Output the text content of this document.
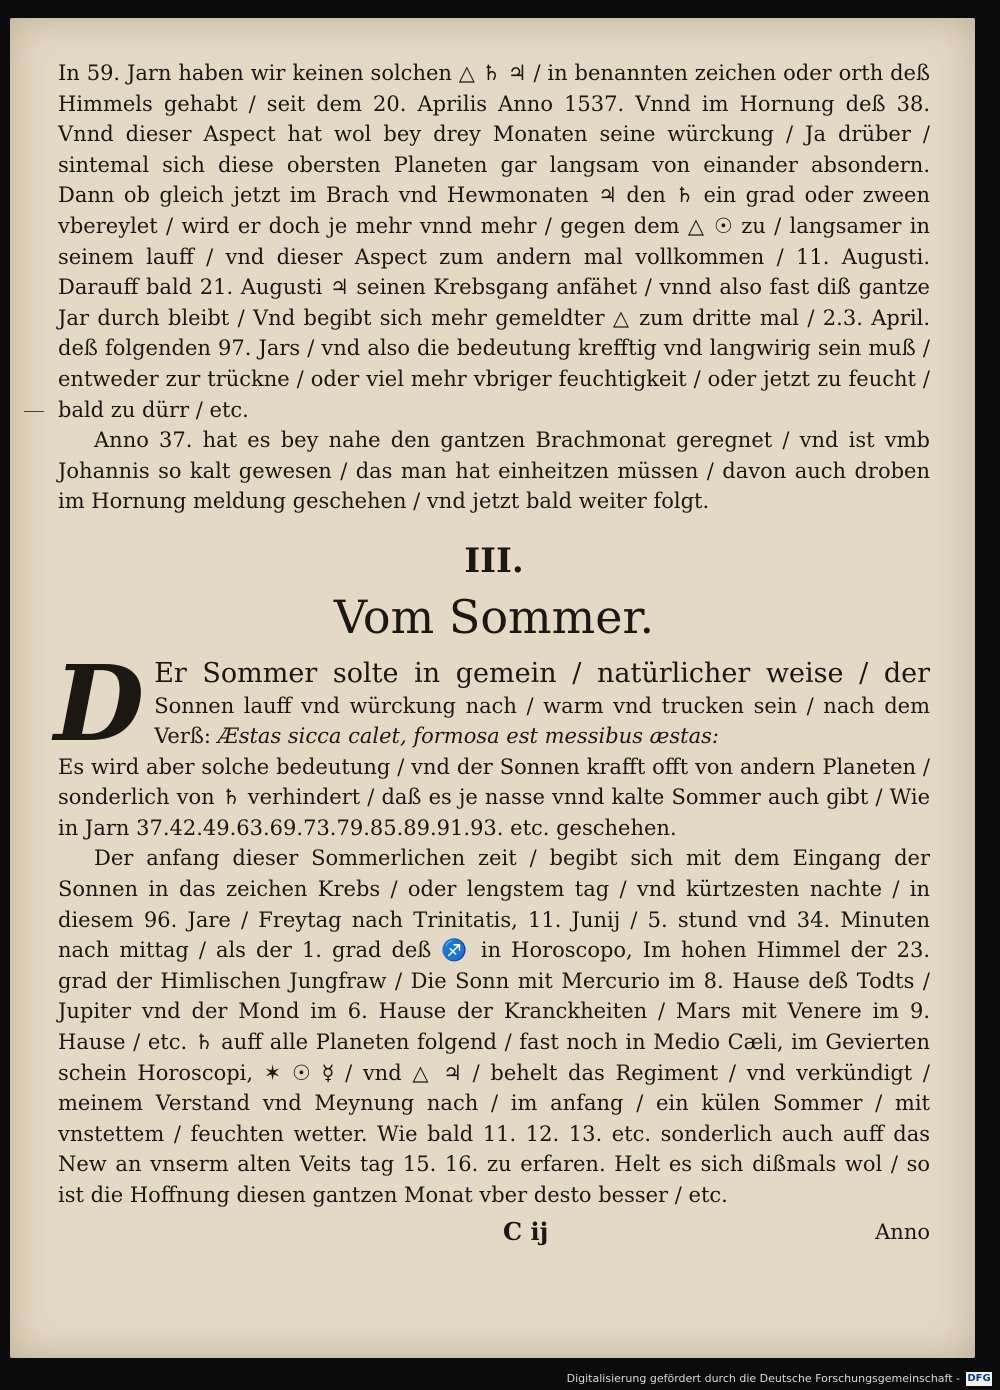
In 59. Jarn haben wir keinen solchen △ ♄ ♃ / in benannten zeichen oder orth deß Himmels gehabt / seit dem 20. Aprilis Anno 1537. Vnnd im Hornung deß 38. Vnnd dieser Aspect hat wol bey drey Monaten seine würckung / Ja drüber / sintemal sich diese obersten Planeten gar langsam von einander absondern. Dann ob gleich jetzt im Brach vnd Hewmonaten ♃ den ♄ ein grad oder zween vbereylet / wird er doch je mehr vnnd mehr / gegen dem △ ☉ zu / langsamer in seinem lauff / vnd dieser Aspect zum andern mal vollkommen / 11. Augusti. Darauff bald 21. Augusti ♃ seinen Krebsgang anfähet / vnnd also fast diß gantze Jar durch bleibt / Vnd begibt sich mehr gemeldter △ zum dritte mal / 2.3. April. deß folgenden 97. Jars / vnd also die bedeutung krefftig vnd langwirig sein muß / entweder zur trückne / oder viel mehr vbriger feuchtigkeit / oder jetzt zu feucht / bald zu dürr / etc.

Anno 37. hat es bey nahe den gantzen Brachmonat geregnet / vnd ist vmb Johannis so kalt gewesen / das man hat einheitzen müssen / davon auch droben im Hornung meldung geschehen / vnd jetzt bald weiter folgt.

III.
Vom Sommer.

D Er Sommer solte in gemein / natürlicher weise / der Sonnen lauff vnd würckung nach / warm vnd trucken sein / nach dem Verß: Æstas sicca calet, formosa est messibus æstas:

Es wird aber solche bedeutung / vnd der Sonnen krafft offt von andern Planeten / sonderlich von ♄ verhindert / daß es je nasse vnnd kalte Sommer auch gibt / Wie in Jarn 37.42.49.63.69.73.79.85.89.91.93. etc. geschehen.

Der anfang dieser Sommerlichen zeit / begibt sich mit dem Eingang der Sonnen in das zeichen Krebs / oder lengstem tag / vnd kürtzesten nachte / in diesem 96. Jare / Freytag nach Trinitatis, 11. Junij / 5. stund vnd 34. Minuten nach mittag / als der 1. grad deß ♐ in Horoscopo, Im hohen Himmel der 23. grad der Himlischen Jungfraw / Die Sonn mit Mercurio im 8. Hause deß Todts / Jupiter vnd der Mond im 6. Hause der Kranckheiten / Mars mit Venere im 9. Hause / etc. ♄ auff alle Planeten folgend / fast noch in Medio Cæli, im Gevierten schein Horoscopi, ✶ ☉ ☿ / vnd △ ♃ / behelt das Regiment / vnd verkündigt / meinem Verstand vnd Meynung nach / im anfang / ein külen Sommer / mit vnstettem / feuchten wetter. Wie bald 11. 12. 13. etc. sonderlich auch auff das New an vnserm alten Veits tag 15. 16. zu erfaren. Helt es sich dißmals wol / so ist die Hoffnung diesen gantzen Monat vber desto besser / etc.

C ij	Anno
Digitalisierung gefördert durch die Deutsche Forschungsgemeinschaft - DFG
